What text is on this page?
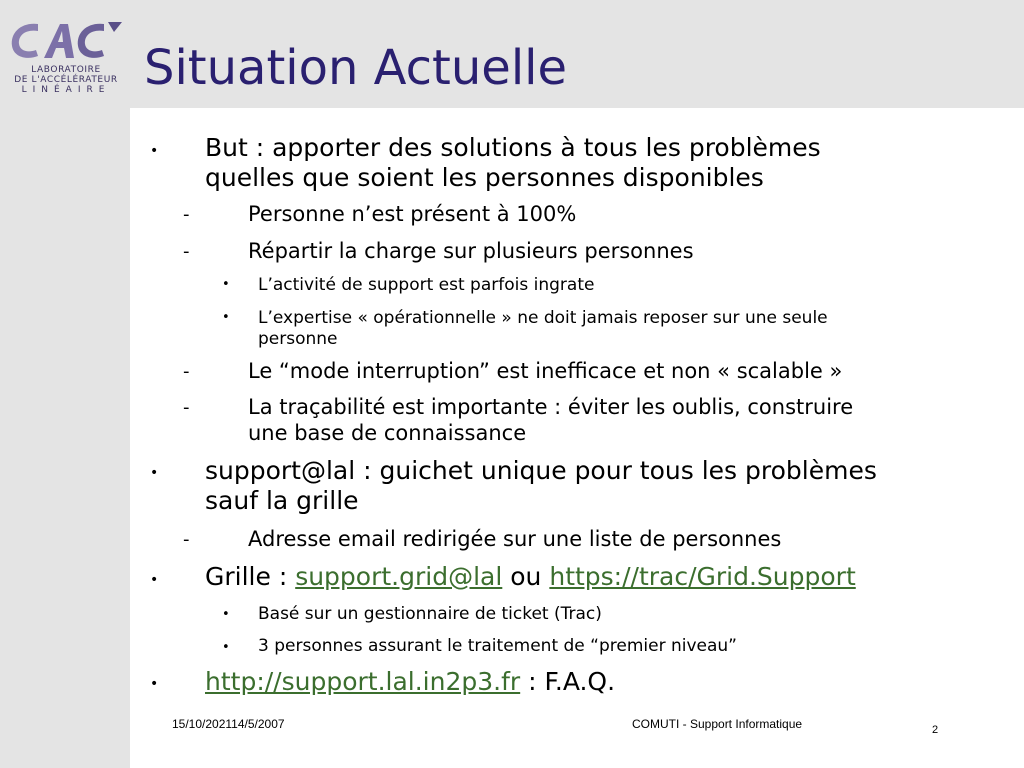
LABORATOIRE
DE L'ACCÉLÉRATEUR
LINÉAIRE Situation Actuelle
• But : apporter des solutions à tous les problèmes
quelles que soient les personnes disponibles
-	Personne n’est présent à 100%
-	Répartir la charge sur plusieurs personnes
• L’activité de support est parfois ingrate
• L’expertise « opérationnelle » ne doit jamais reposer sur une seule
personne
-	Le “mode interruption” est inefficace et non « scalable »
-	La traçabilité est importante : éviter les oublis, construire
une base de connaissance
• support@lal : guichet unique pour tous les problèmes
sauf la grille
-	Adresse email redirigée sur une liste de personnes
• Grille : support.grid@lal ou https://trac/Grid.Support
• Basé sur un gestionnaire de ticket (Trac)
• 3 personnes assurant le traitement de “premier niveau”
• http://support.lal.in2p3.fr : F.A.Q.
15/10/202114/5/2007	COMUTI - Support Informatique	2
